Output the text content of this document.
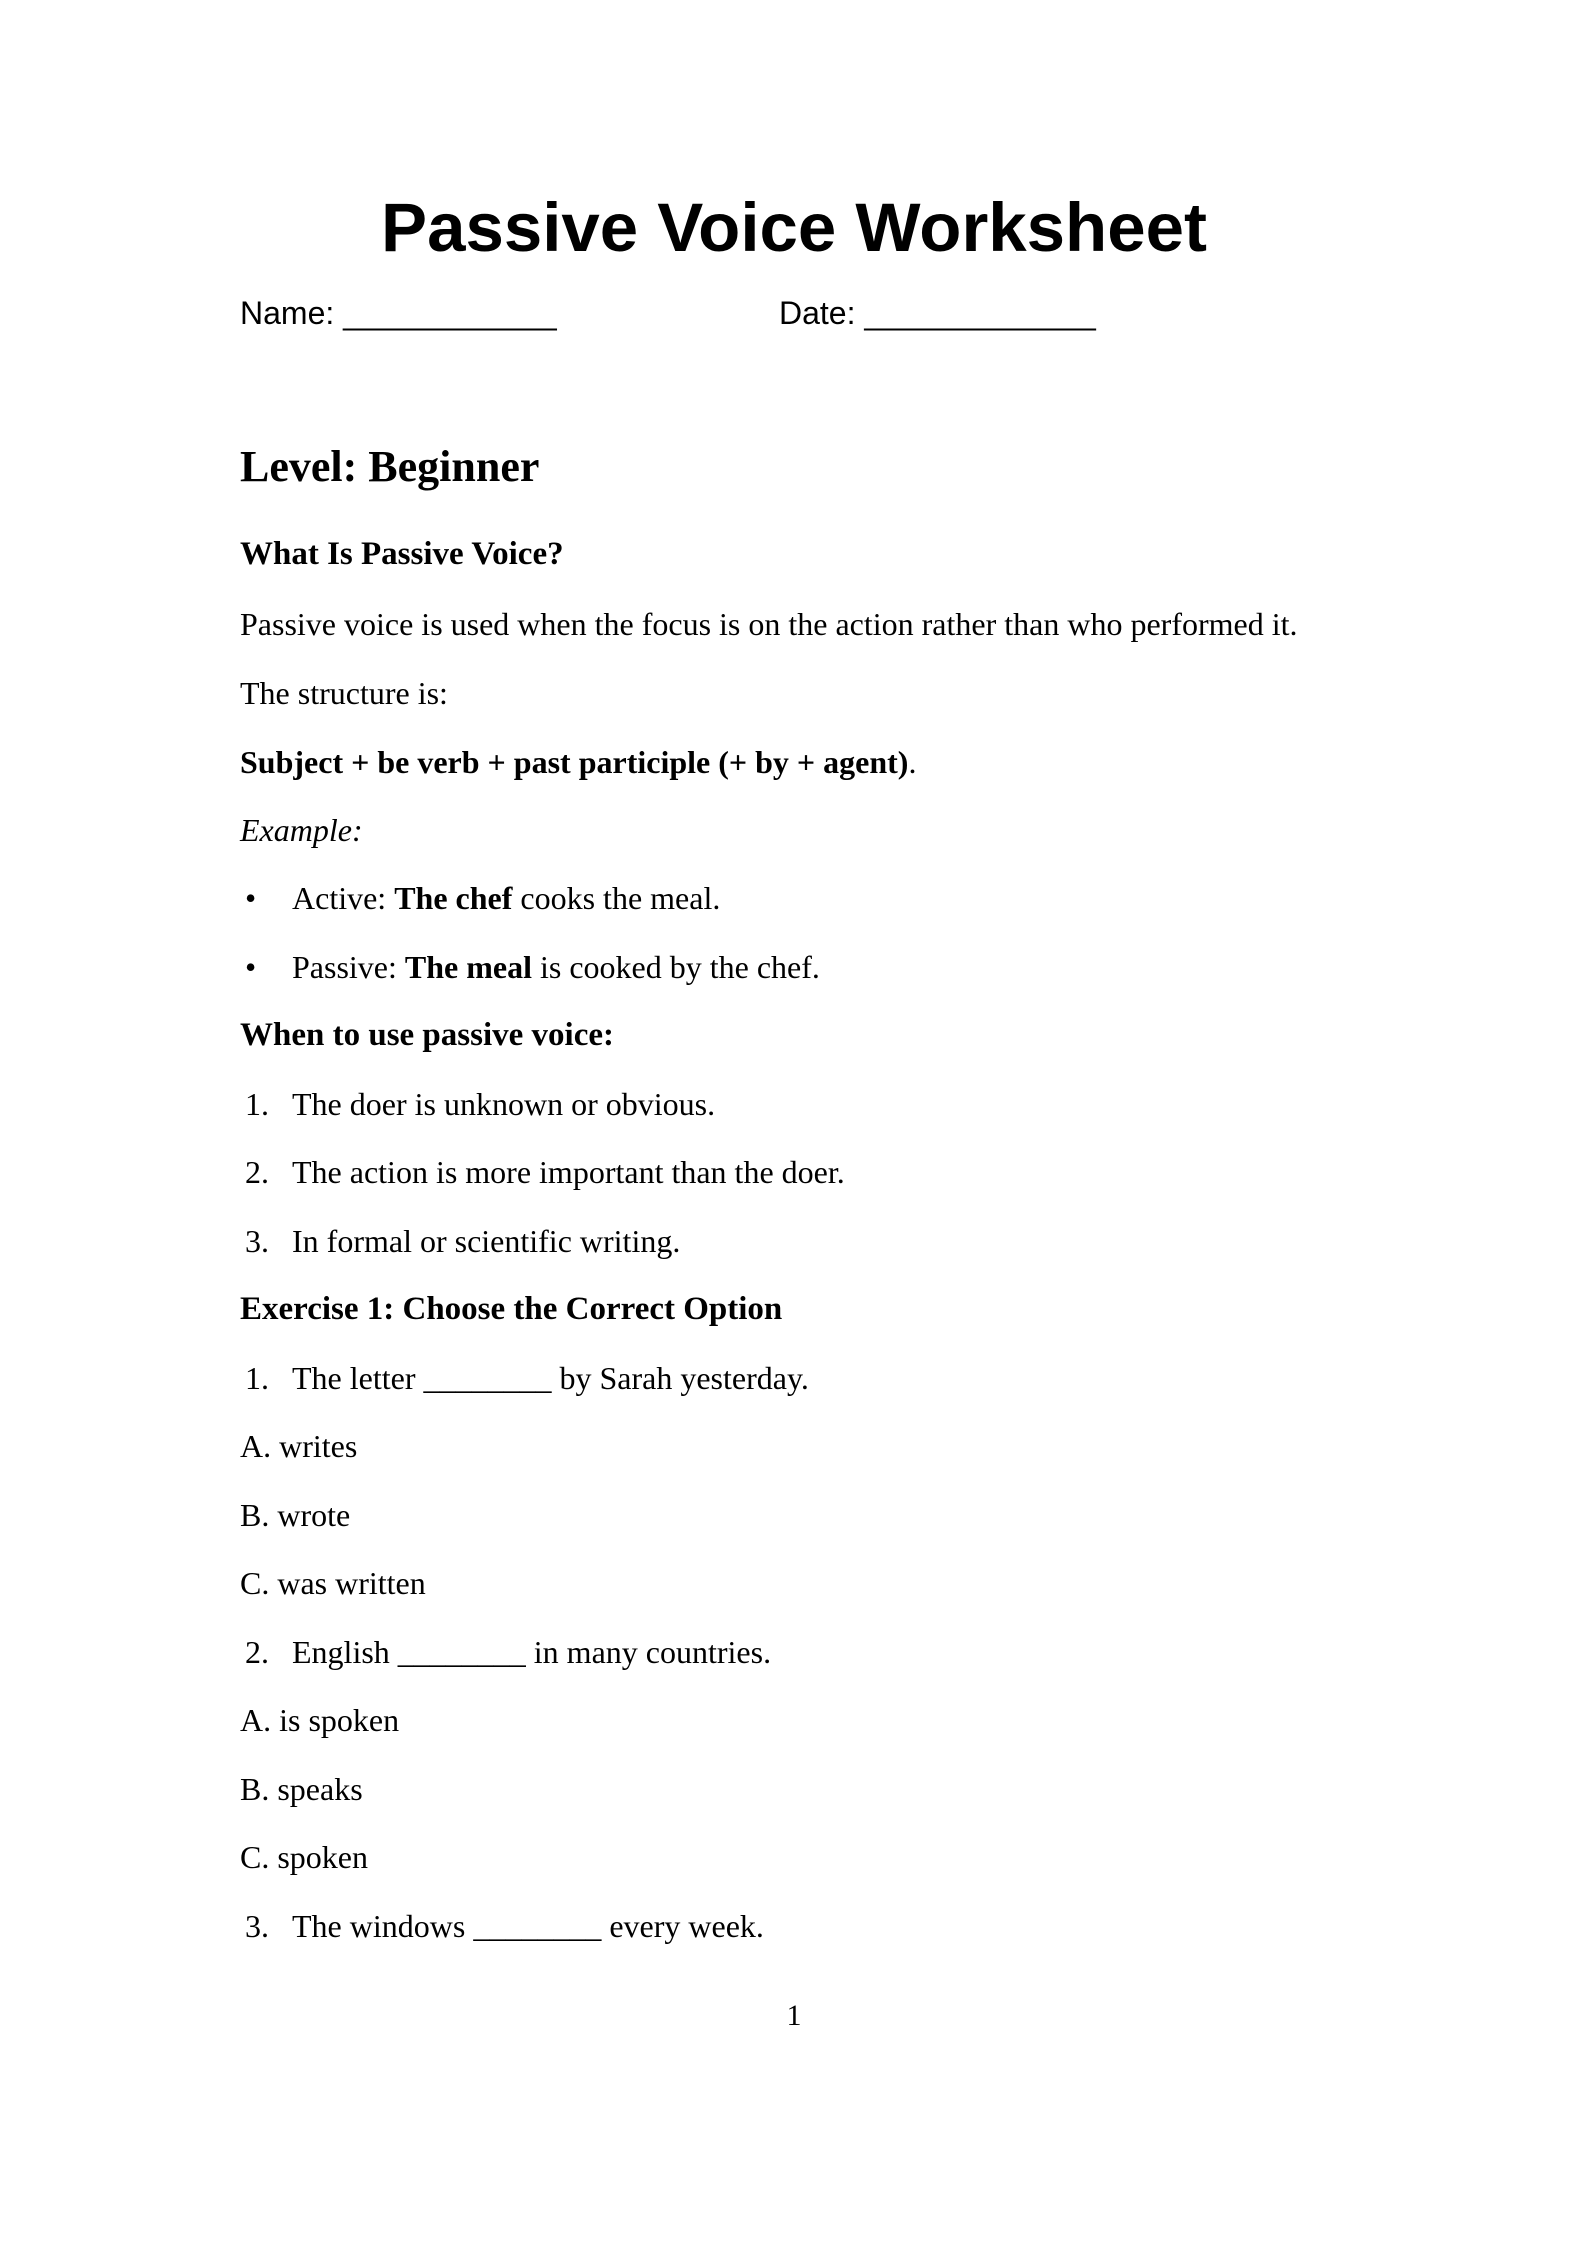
Passive Voice Worksheet
Name: ____________	Date: _____________
Level: Beginner
What Is Passive Voice?
Passive voice is used when the focus is on the action rather than who performed it. The structure is:
Subject + be verb + past participle (+ by + agent).
Example:

•

Active: The chef cooks the meal.

•

Passive: The meal is cooked by the chef.

When to use passive voice:

1.

The doer is unknown or obvious.

2.

The action is more important than the doer.

3.

In formal or scientific writing.

Exercise 1: Choose the Correct Option

1.

The letter ________ by Sarah yesterday.

A. writes
B. wrote
C. was written

2.

English ________ in many countries.

A. is spoken
B. speaks
C. spoken

3.

The windows ________ every week.

1
